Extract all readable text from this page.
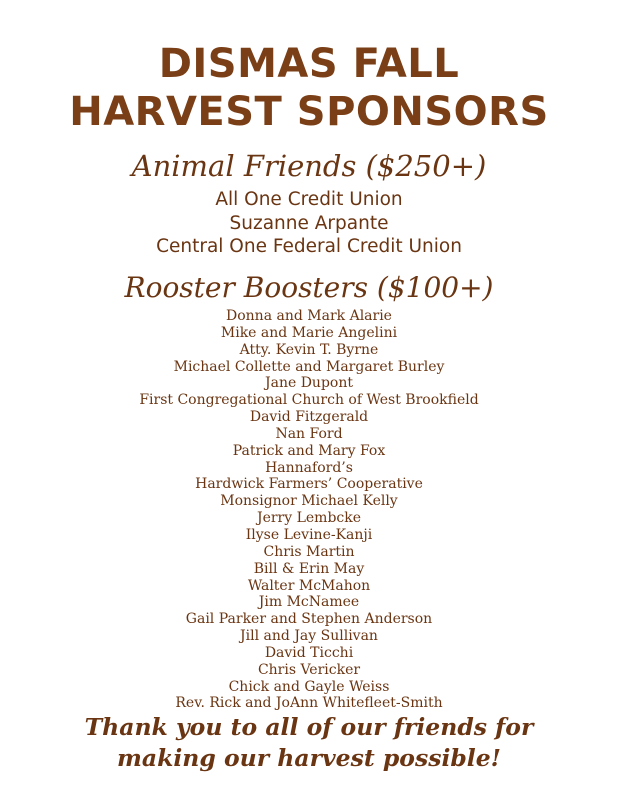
DISMAS FALL
HARVEST SPONSORS
Animal Friends ($250+)
All One Credit Union
Suzanne Arpante
Central One Federal Credit Union
Rooster Boosters ($100+)
Donna and Mark Alarie
Mike and Marie Angelini
Atty. Kevin T. Byrne
Michael Collette and Margaret Burley
Jane Dupont
First Congregational Church of West Brookfield
David Fitzgerald
Nan Ford
Patrick and Mary Fox
Hannaford’s
Hardwick Farmers’ Cooperative
Monsignor Michael Kelly
Jerry Lembcke
Ilyse Levine-Kanji
Chris Martin
Bill & Erin May
Walter McMahon
Jim McNamee
Gail Parker and Stephen Anderson
Jill and Jay Sullivan
David Ticchi
Chris Vericker
Chick and Gayle Weiss
Rev. Rick and JoAnn Whitefleet-Smith
Thank you to all of our friends for
making our harvest possible!
